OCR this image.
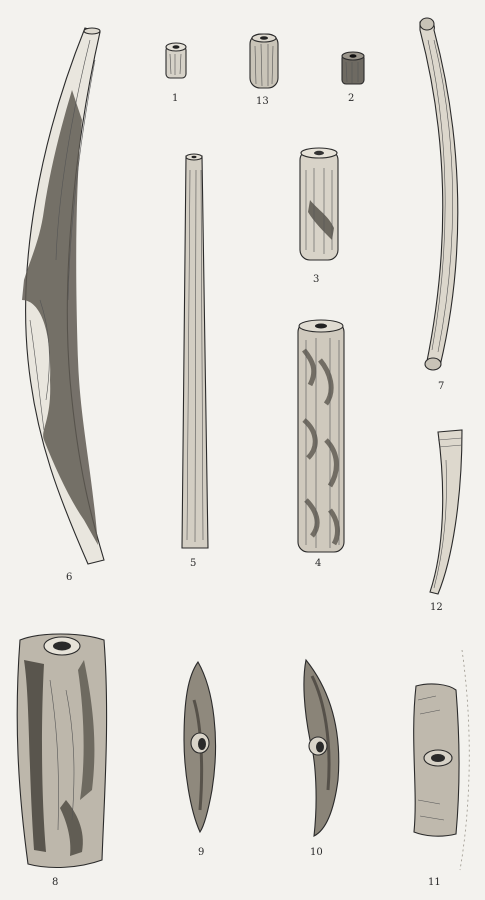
1	13	2
6
5
3
4
7
12
8
9	10
11
